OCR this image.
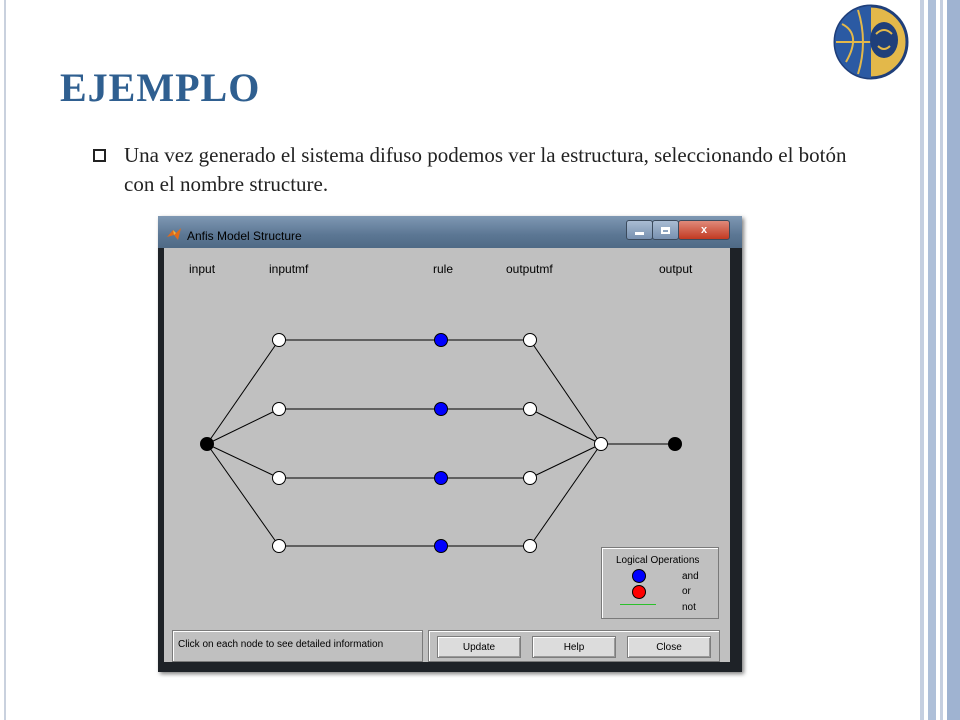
EJEMPLO
Una vez generado el sistema difuso podemos ver la estructura, seleccionando el botón con el nombre structure.
Anfis Model Structure	x
input	inputmf	rule	outputmf	output
Logical Operations
and
or
not
Click on each node to see detailed information	Update	Help	Close
